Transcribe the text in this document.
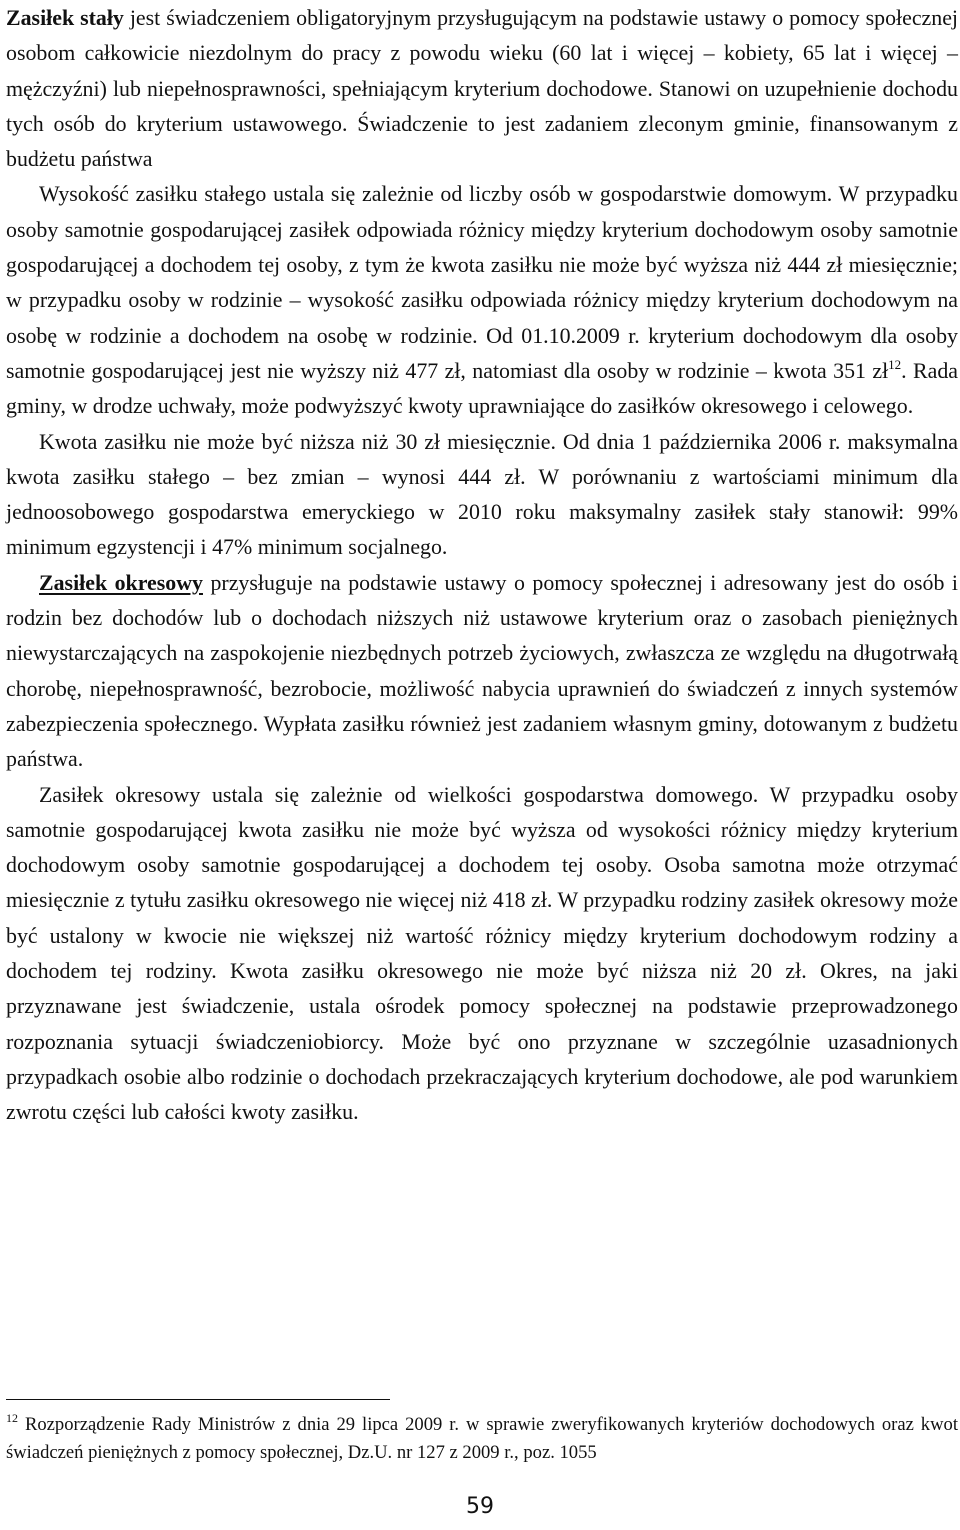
Zasiłek stały jest świadczeniem obligatoryjnym przysługującym na podstawie ustawy o pomocy społecznej osobom całkowicie niezdolnym do pracy z powodu wieku (60 lat i więcej – kobiety, 65 lat i więcej – mężczyźni) lub niepełnosprawności, spełniającym kryterium dochodowe. Stanowi on uzupełnienie dochodu tych osób do kryterium ustawowego. Świadczenie to jest zadaniem zleconym gminie, finansowanym z budżetu państwa

Wysokość zasiłku stałego ustala się zależnie od liczby osób w gospodarstwie domowym. W przypadku osoby samotnie gospodarującej zasiłek odpowiada różnicy między kryterium dochodowym osoby samotnie gospodarującej a dochodem tej osoby, z tym że kwota zasiłku nie może być wyższa niż 444 zł miesięcznie; w przypadku osoby w rodzinie – wysokość zasiłku odpowiada różnicy między kryterium dochodowym na osobę w rodzinie a dochodem na osobę w rodzinie. Od 01.10.2009 r. kryterium dochodowym dla osoby samotnie gospodarującej jest nie wyższy niż 477 zł, natomiast dla osoby w rodzinie – kwota 351 zł$^{12}$. Rada gminy, w drodze uchwały, może podwyższyć kwoty uprawniające do zasiłków okresowego i celowego.

Kwota zasiłku nie może być niższa niż 30 zł miesięcznie. Od dnia 1 października 2006 r. maksymalna kwota zasiłku stałego – bez zmian – wynosi 444 zł. W porównaniu z wartościami minimum dla jednoosobowego gospodarstwa emeryckiego w 2010 roku maksymalny zasiłek stały stanowił: 99% minimum egzystencji i 47% minimum socjalnego.

Zasiłek okresowy przysługuje na podstawie ustawy o pomocy społecznej i adresowany jest do osób i rodzin bez dochodów lub o dochodach niższych niż ustawowe kryterium oraz o zasobach pieniężnych niewystarczających na zaspokojenie niezbędnych potrzeb życiowych, zwłaszcza ze względu na długotrwałą chorobę, niepełnosprawność, bezrobocie, możliwość nabycia uprawnień do świadczeń z innych systemów zabezpieczenia społecznego. Wypłata zasiłku również jest zadaniem własnym gminy, dotowanym z budżetu państwa.

Zasiłek okresowy ustala się zależnie od wielkości gospodarstwa domowego. W przypadku osoby samotnie gospodarującej kwota zasiłku nie może być wyższa od wysokości różnicy między kryterium dochodowym osoby samotnie gospodarującej a dochodem tej osoby. Osoba samotna może otrzymać miesięcznie z tytułu zasiłku okresowego nie więcej niż 418 zł. W przypadku rodziny zasiłek okresowy może być ustalony w kwocie nie większej niż wartość różnicy między kryterium dochodowym rodziny a dochodem tej rodziny. Kwota zasiłku okresowego nie może być niższa niż 20 zł. Okres, na jaki przyznawane jest świadczenie, ustala ośrodek pomocy społecznej na podstawie przeprowadzonego rozpoznania sytuacji świadczeniobiorcy. Może być ono przyznane w szczególnie uzasadnionych przypadkach osobie albo rodzinie o dochodach przekraczających kryterium dochodowe, ale pod warunkiem zwrotu części lub całości kwoty zasiłku.

$^{12}$ Rozporządzenie Rady Ministrów z dnia 29 lipca 2009 r. w sprawie zweryfikowanych kryteriów dochodowych oraz kwot świadczeń pieniężnych z pomocy społecznej, Dz.U. nr 127 z 2009 r., poz. 1055
59
